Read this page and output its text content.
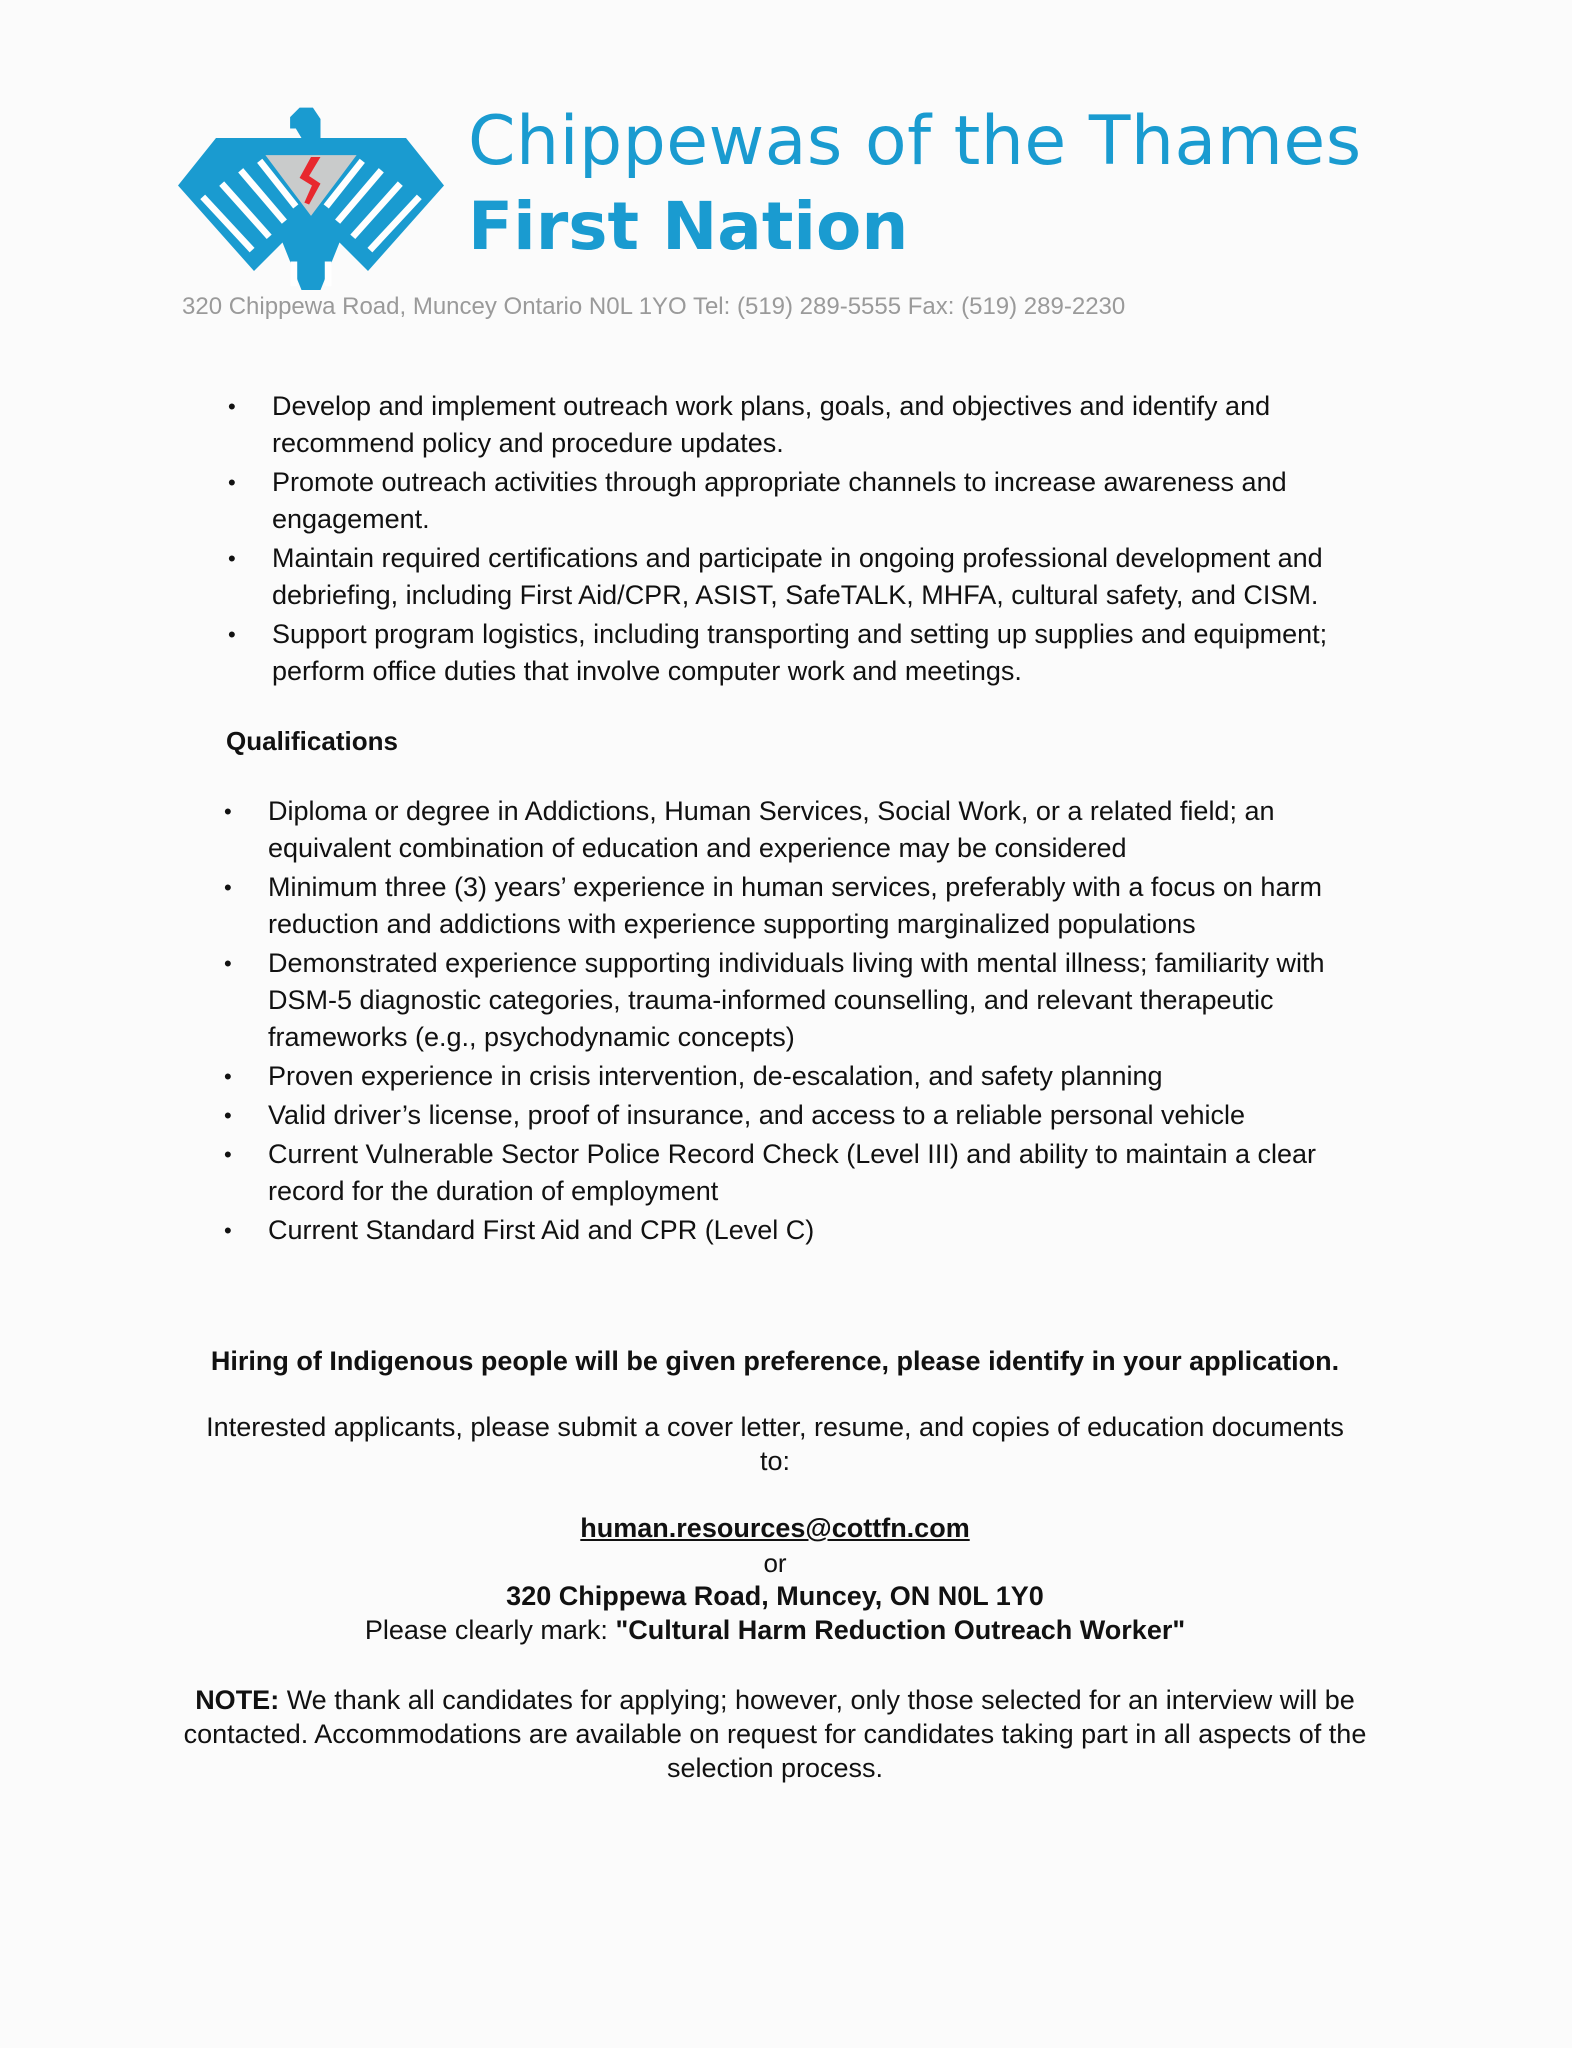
Chippewas of the Thames
First Nation
320 Chippewa Road, Muncey Ontario N0L 1YO Tel: (519) 289-5555 Fax: (519) 289-2230
• Develop and implement outreach work plans, goals, and objectives and identify and recommend policy and procedure updates.
• Promote outreach activities through appropriate channels to increase awareness and engagement.
• Maintain required certifications and participate in ongoing professional development and debriefing, including First Aid/CPR, ASIST, SafeTALK, MHFA, cultural safety, and CISM.
• Support program logistics, including transporting and setting up supplies and equipment; perform office duties that involve computer work and meetings.
Qualifications
• Diploma or degree in Addictions, Human Services, Social Work, or a related field; an equivalent combination of education and experience may be considered
• Minimum three (3) years’ experience in human services, preferably with a focus on harm reduction and addictions with experience supporting marginalized populations
• Demonstrated experience supporting individuals living with mental illness; familiarity with DSM-5 diagnostic categories, trauma-informed counselling, and relevant therapeutic frameworks (e.g., psychodynamic concepts)
• Proven experience in crisis intervention, de-escalation, and safety planning
• Valid driver’s license, proof of insurance, and access to a reliable personal vehicle
• Current Vulnerable Sector Police Record Check (Level III) and ability to maintain a clear record for the duration of employment
• Current Standard First Aid and CPR (Level C)
Hiring of Indigenous people will be given preference, please identify in your application.
Interested applicants, please submit a cover letter, resume, and copies of education documents to:
human.resources@cottfn.com
or
320 Chippewa Road, Muncey, ON N0L 1Y0
Please clearly mark: "Cultural Harm Reduction Outreach Worker"
NOTE: We thank all candidates for applying; however, only those selected for an interview will be contacted. Accommodations are available on request for candidates taking part in all aspects of the selection process.
